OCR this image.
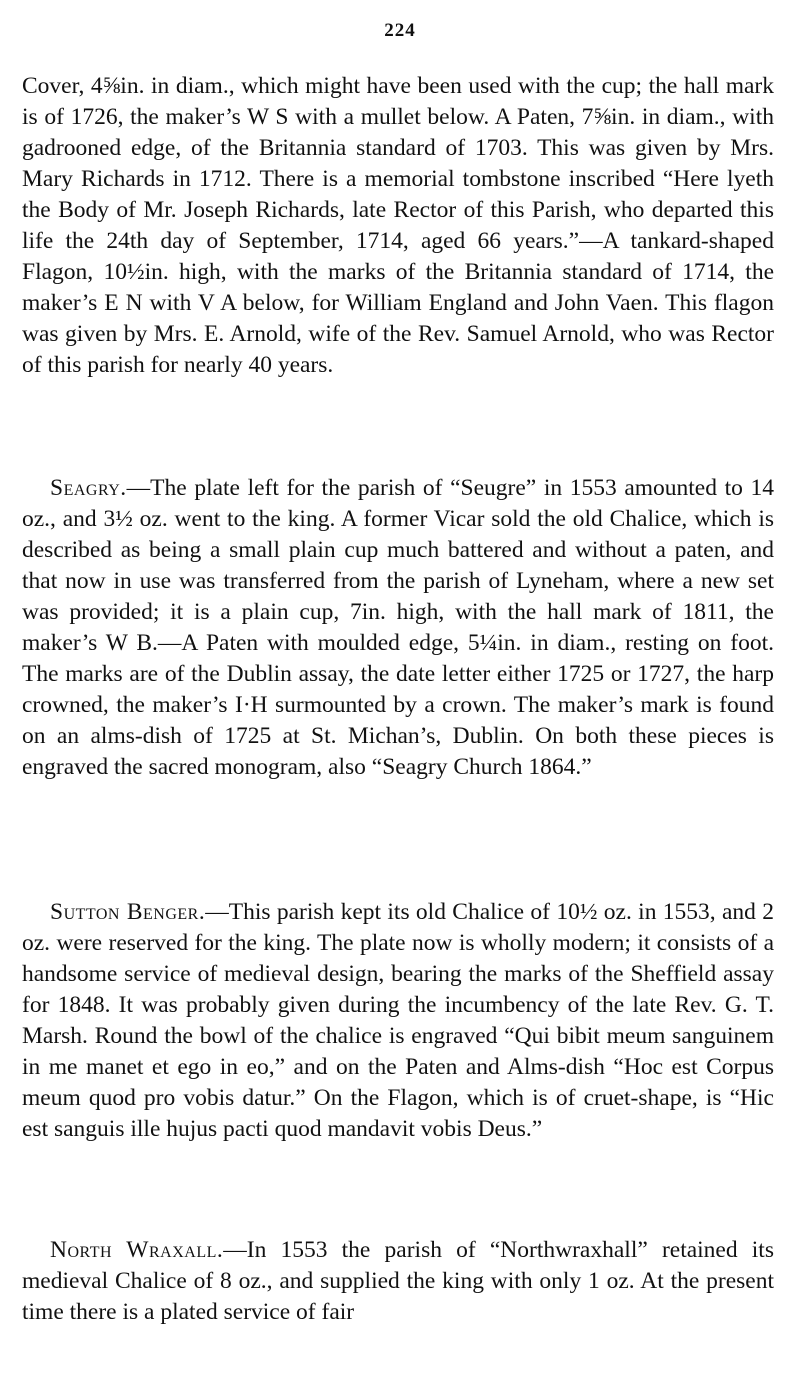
224

Cover, 4⅝in. in diam., which might have been used with the cup; the hall mark is of 1726, the maker’s W S with a mullet below. A Paten, 7⅝in. in diam., with gadrooned edge, of the Britannia standard of 1703. This was given by Mrs. Mary Richards in 1712. There is a memorial tombstone inscribed “Here lyeth the Body of Mr. Joseph Richards, late Rector of this Parish, who departed this life the 24th day of September, 1714, aged 66 years.”—A tankard-shaped Flagon, 10½in. high, with the marks of the Britannia standard of 1714, the maker’s E N with V A below, for William England and John Vaen. This flagon was given by Mrs. E. Arnold, wife of the Rev. Samuel Arnold, who was Rector of this parish for nearly 40 years.

Seagry.—The plate left for the parish of “Seugre” in 1553 amounted to 14 oz., and 3½ oz. went to the king. A former Vicar sold the old Chalice, which is described as being a small plain cup much battered and without a paten, and that now in use was transferred from the parish of Lyneham, where a new set was provided; it is a plain cup, 7in. high, with the hall mark of 1811, the maker’s W B.—A Paten with moulded edge, 5¼in. in diam., resting on foot. The marks are of the Dublin assay, the date letter either 1725 or 1727, the harp crowned, the maker’s I·H surmounted by a crown. The maker’s mark is found on an alms-dish of 1725 at St. Michan’s, Dublin. On both these pieces is engraved the sacred monogram, also “Seagry Church 1864.”

Sutton Benger.—This parish kept its old Chalice of 10½ oz. in 1553, and 2 oz. were reserved for the king. The plate now is wholly modern; it consists of a handsome service of medieval design, bearing the marks of the Sheffield assay for 1848. It was probably given during the incumbency of the late Rev. G. T. Marsh. Round the bowl of the chalice is engraved “Qui bibit meum sanguinem in me manet et ego in eo,” and on the Paten and Alms-dish “Hoc est Corpus meum quod pro vobis datur.” On the Flagon, which is of cruet-shape, is “Hic est sanguis ille hujus pacti quod mandavit vobis Deus.”

North Wraxall.—In 1553 the parish of “Northwraxhall” retained its medieval Chalice of 8 oz., and supplied the king with only 1 oz. At the present time there is a plated service of fair
